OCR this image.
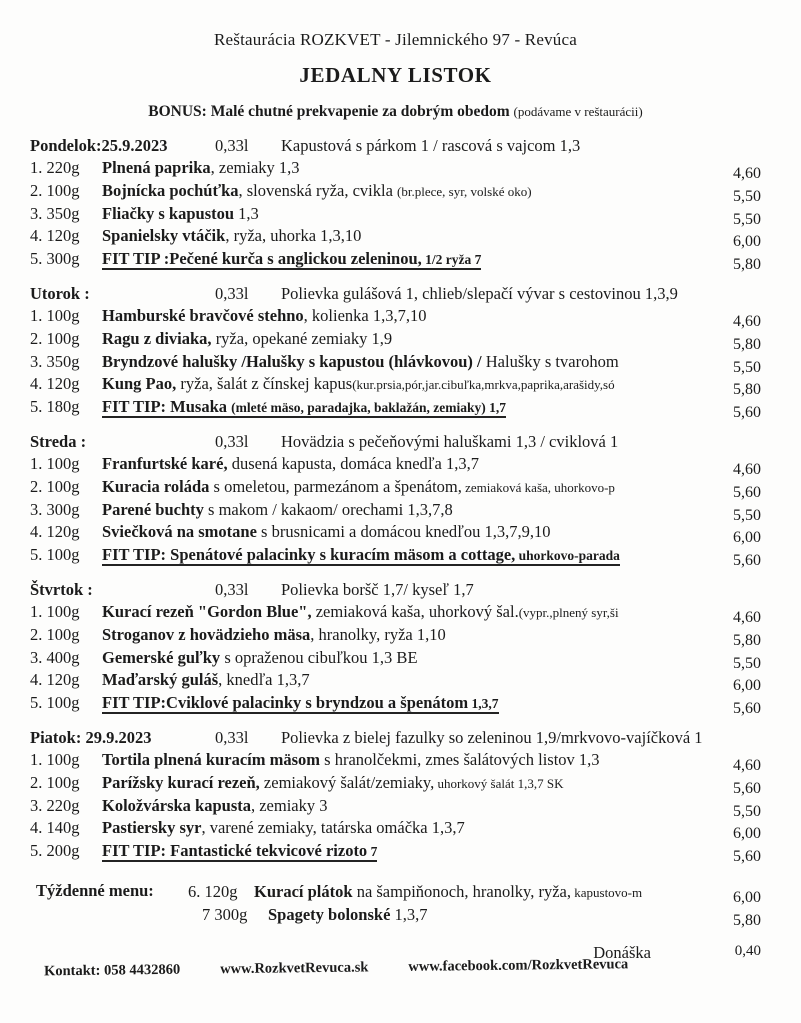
Reštaurácia ROZKVET - Jilemnického 97 - Revúca
JEDALNY LISTOK
BONUS: Malé chutné prekvapenie za dobrým obedom (podávame v reštaurácii)
Pondelok:25.9.2023	0,33l	Kapustová s párkom 1 / rascová s vajcom 1,3
1. 220g	Plnená paprika, zemiaky 1,3	4,60
2. 100g	Bojnícka pochúťka, slovenská ryža, cvikla (br.plece, syr, volské oko)	5,50
3. 350g	Fliačky s kapustou 1,3	5,50
4. 120g	Spanielsky vtáčik, ryža, uhorka 1,3,10	6,00
5. 300g	FIT TIP :Pečené kurča s anglickou zeleninou, 1/2 ryža 7	5,80
Utorok :	0,33l	Polievka gulášová 1, chlieb/slepačí vývar s cestovinou 1,3,9
1. 100g	Hamburské bravčové stehno, kolienka 1,3,7,10	4,60
2. 100g	Ragu z diviaka, ryža, opekané zemiaky 1,9	5,80
3. 350g	Bryndzové halušky /Halušky s kapustou (hlávkovou) / Halušky s tvarohom	5,50
4. 120g	Kung Pao, ryža, šalát z čínskej kapus(kur.prsia,pór,jar.cibuľka,mrkva,paprika,arašidy,só	5,80
5. 180g	FIT TIP: Musaka (mleté mäso, paradajka, baklažán, zemiaky) 1,7	5,60
Streda :	0,33l	Hovädzia s pečeňovými haluškami 1,3 / cviklová 1
1. 100g	Franfurtské karé, dusená kapusta, domáca knedľa 1,3,7	4,60
2. 100g	Kuracia roláda s omeletou, parmezánom a špenátom, zemiaková kaša, uhorkovo-p	5,60
3. 300g	Parené buchty s makom / kakaom/ orechami 1,3,7,8	5,50
4. 120g	Sviečková na smotane s brusnicami a domácou knedľou 1,3,7,9,10	6,00
5. 100g	FIT TIP: Spenátové palacinky s kuracím mäsom a cottage, uhorkovo-parada	5,60
Štvrtok :	0,33l	Polievka boršč 1,7/ kyseľ 1,7
1. 100g	Kurací rezeň "Gordon Blue", zemiaková kaša, uhorkový šal.(vypr.,plnený syr,ši	4,60
2. 100g	Stroganov z hovädzieho mäsa, hranolky, ryža 1,10	5,80
3. 400g	Gemerské guľky s opraženou cibuľkou 1,3 BE	5,50
4. 120g	Maďarský guláš, knedľa 1,3,7	6,00
5. 100g	FIT TIP:Cviklové palacinky s bryndzou a špenátom 1,3,7	5,60
Piatok: 29.9.2023	0,33l	Polievka z bielej fazulky so zeleninou 1,9/mrkvovo-vajíčková 1
1. 100g	Tortila plnená kuracím mäsom s hranolčekmi, zmes šalátových listov 1,3	4,60
2. 100g	Parížsky kurací rezeň, zemiakový šalát/zemiaky, uhorkový šalát 1,3,7 SK	5,60
3. 220g	Koložvárska kapusta, zemiaky 3	5,50
4. 140g	Pastiersky syr, varené zemiaky, tatárska omáčka 1,3,7	6,00
5. 200g	FIT TIP: Fantastické tekvicové rizoto 7	5,60
Týždenné menu:	6. 120g	Kurací plátok na šampiňonoch, hranolky, ryža, kapustovo-m	6,00
7 300g	Spagety bolonské 1,3,7	5,80
Donáška	0,40
Kontakt: 058 4432860	www.RozkvetRevuca.sk	www.facebook.com/RozkvetRevuca
